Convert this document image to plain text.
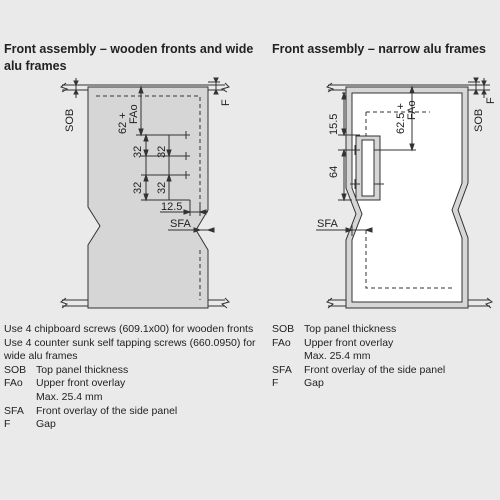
Front assembly – wooden fronts and wide alu frames

Front assembly – narrow alu frames

SOB	62 + FAo
32 32
32 32
12.5
SFA
F
15.5
64
62.5 + FAo
SFA
SOB
F
Use 4 chipboard screws (609.1x00) for wooden fronts
Use 4 counter sunk self tapping screws (660.0950) for wide alu frames
SOB Top panel thickness
FAo	Upper front overlay
Max. 25.4 mm
SFA	Front overlay of the side panel
F	Gap
SOB Top panel thickness
FAo	Upper front overlay
Max. 25.4 mm
SFA	Front overlay of the side panel
F	Gap
